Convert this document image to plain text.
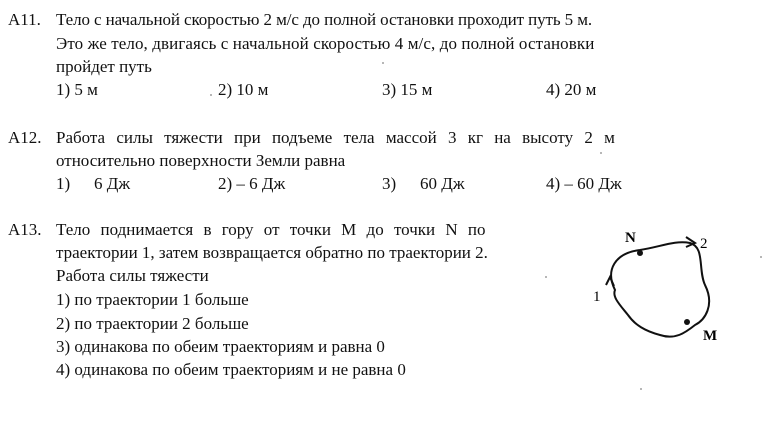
A11. Тело с начальной скоростью 2 м/с до полной остановки проходит путь 5 м.
Это же тело, двигаясь с начальной скоростью 4 м/с, до полной остановки
пройдет путь
1) 5 м	2) 10 м	3) 15 м	4) 20 м
A12. Работа силы тяжести при подъеме тела массой 3 кг на высоту 2 м
относительно поверхности Земли равна
1) 6 Дж	2) – 6 Дж	3) 60 Дж	4) – 60 Дж
A13. Тело поднимается в гору от точки M до точки N по
траектории 1, затем возвращается обратно по траектории 2.
Работа силы тяжести
1) по траектории 1 больше
2) по траектории 2 больше
3) одинакова по обеим траекториям и равна 0
4) одинакова по обеим траекториям и не равна 0
N	2
1
M
